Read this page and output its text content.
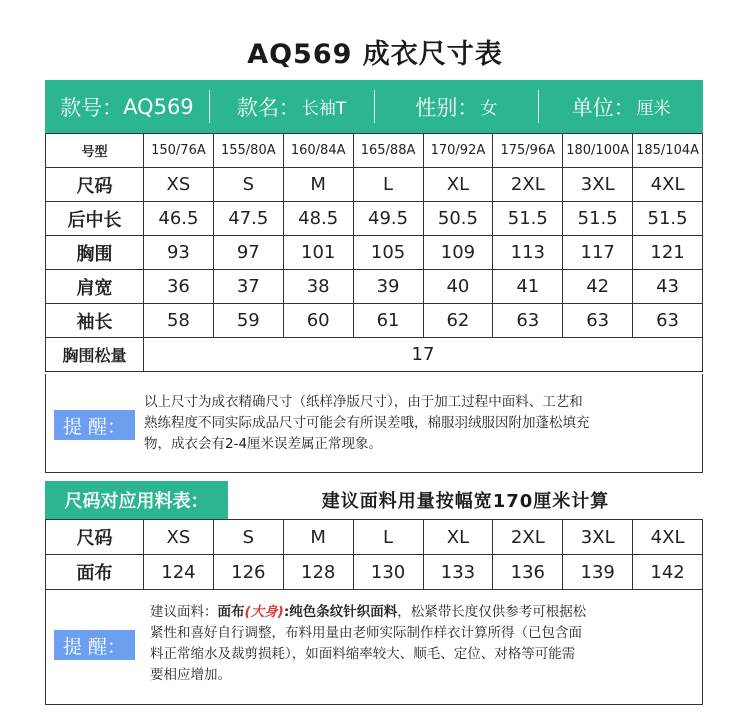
AQ569 成衣尺寸表
款号： AQ569 款名： 长袖T	性别： 女	单位： 厘米
号型	150/76A	155/80A	160/84A	165/88A	170/92A	175/96A	180/100A	185/104A
尺码	XS	S	M	L	XL	2XL	3XL	4XL
后中长	46.5	47.5	48.5	49.5	50.5	51.5	51.5	51.5
胸围	93	97	101	105	109	113	117	121
肩宽	36	37	38	39	40	41	42	43
袖长	58	59	60	61	62	63	63	63
胸围松量	17							
提 醒：
以上尺寸为成衣精确尺寸（纸样净版尺寸），由于加工过程中面料、工艺和
熟练程度不同实际成品尺寸可能会有所误差哦，棉服羽绒服因附加蓬松填充
物，成衣会有2-4厘米误差属正常现象。
尺码对应用料表：	建议面料用量按幅宽170厘米计算
尺码	XS	S	M	L	XL	2XL	3XL	4XL
面布	124	126	128	130	133	136	139	142
提 醒：
建议面料：面布(大身):纯色条纹针织面料，松紧带长度仅供参考可根据松
紧性和喜好自行调整，布料用量由老师实际制作样衣计算所得（已包含面
料正常缩水及裁剪损耗），如面料缩率较大、顺毛、定位、对格等可能需
要相应增加。
